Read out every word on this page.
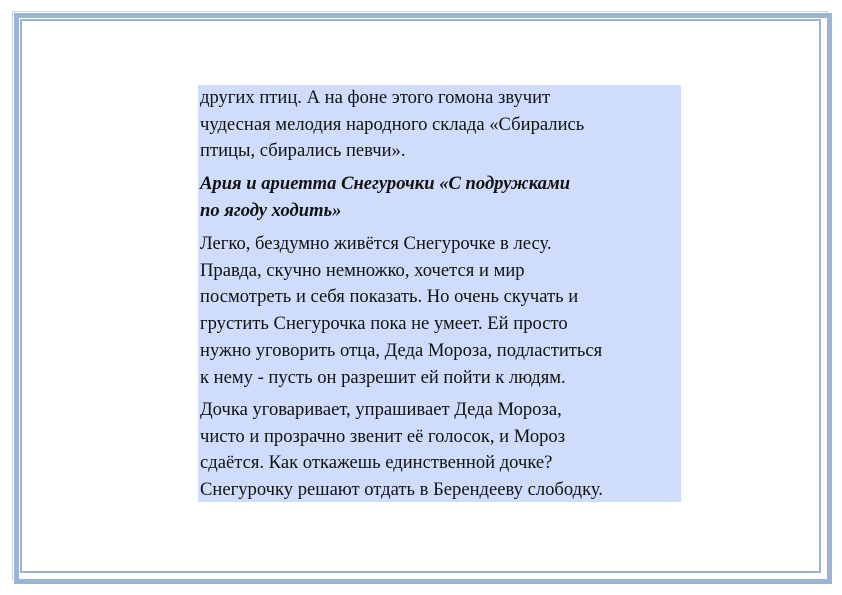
других птиц. А на фоне этого гомона звучит
чудесная мелодия народного склада «Сбирались
птицы, сбирались певчи».

Ария и ариетта Снегурочки «С подружками
по ягоду ходить»

Легко, бездумно живётся Снегурочке в лесу.
Правда, скучно немножко, хочется и мир
посмотреть и себя показать. Но очень скучать и
грустить Снегурочка пока не умеет. Ей просто
нужно уговорить отца, Деда Мороза, подластиться
к нему - пусть он разрешит ей пойти к людям.

Дочка уговаривает, упрашивает Деда Мороза,
чисто и прозрачно звенит её голосок, и Мороз
сдаётся. Как откажешь единственной дочке?
Снегурочку решают отдать в Берендееву слободку.
